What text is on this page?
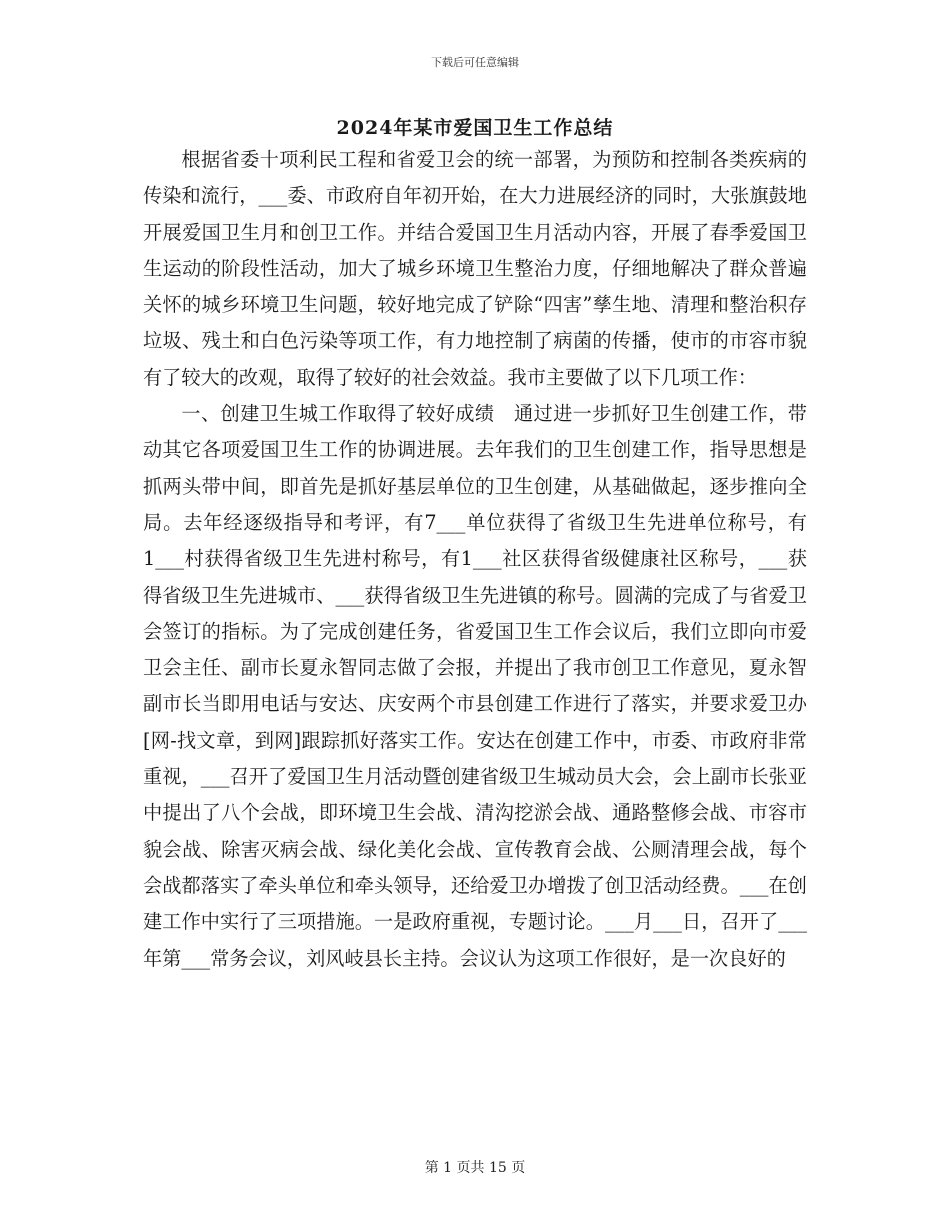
下载后可任意编辑
2024年某市爱国卫生工作总结

根据省委十项利民工程和省爱卫会的统一部署，为预防和控制各类疾病的传染和流行，___委、市政府自年初开始，在大力进展经济的同时，大张旗鼓地开展爱国卫生月和创卫工作。并结合爱国卫生月活动内容，开展了春季爱国卫生运动的阶段性活动，加大了城乡环境卫生整治力度，仔细地解决了群众普遍关怀的城乡环境卫生问题，较好地完成了铲除“四害”孳生地、清理和整治积存垃圾、残土和白色污染等项工作，有力地控制了病菌的传播，使市的市容市貌有了较大的改观，取得了较好的社会效益。我市主要做了以下几项工作：

一、创建卫生城工作取得了较好成绩　通过进一步抓好卫生创建工作，带动其它各项爱国卫生工作的协调进展。去年我们的卫生创建工作，指导思想是抓两头带中间，即首先是抓好基层单位的卫生创建，从基础做起，逐步推向全局。去年经逐级指导和考评，有7___单位获得了省级卫生先进单位称号，有1___村获得省级卫生先进村称号，有1___社区获得省级健康社区称号，___获得省级卫生先进城市、___获得省级卫生先进镇的称号。圆满的完成了与省爱卫会签订的指标。为了完成创建任务，省爱国卫生工作会议后，我们立即向市爱卫会主任、副市长夏永智同志做了会报，并提出了我市创卫工作意见，夏永智副市长当即用电话与安达、庆安两个市县创建工作进行了落实，并要求爱卫办[网-找文章，到网]跟踪抓好落实工作。安达在创建工作中，市委、市政府非常重视，___召开了爱国卫生月活动暨创建省级卫生城动员大会，会上副市长张亚中提出了八个会战，即环境卫生会战、清沟挖淤会战、通路整修会战、市容市貌会战、除害灭病会战、绿化美化会战、宣传教育会战、公厕清理会战，每个会战都落实了牵头单位和牵头领导，还给爱卫办增拨了创卫活动经费。___在创建工作中实行了三项措施。一是政府重视，专题讨论。___月___日，召开了___年第___常务会议，刘风岐县长主持。会议认为这项工作很好，是一次良好的

第 1 页共 15 页
